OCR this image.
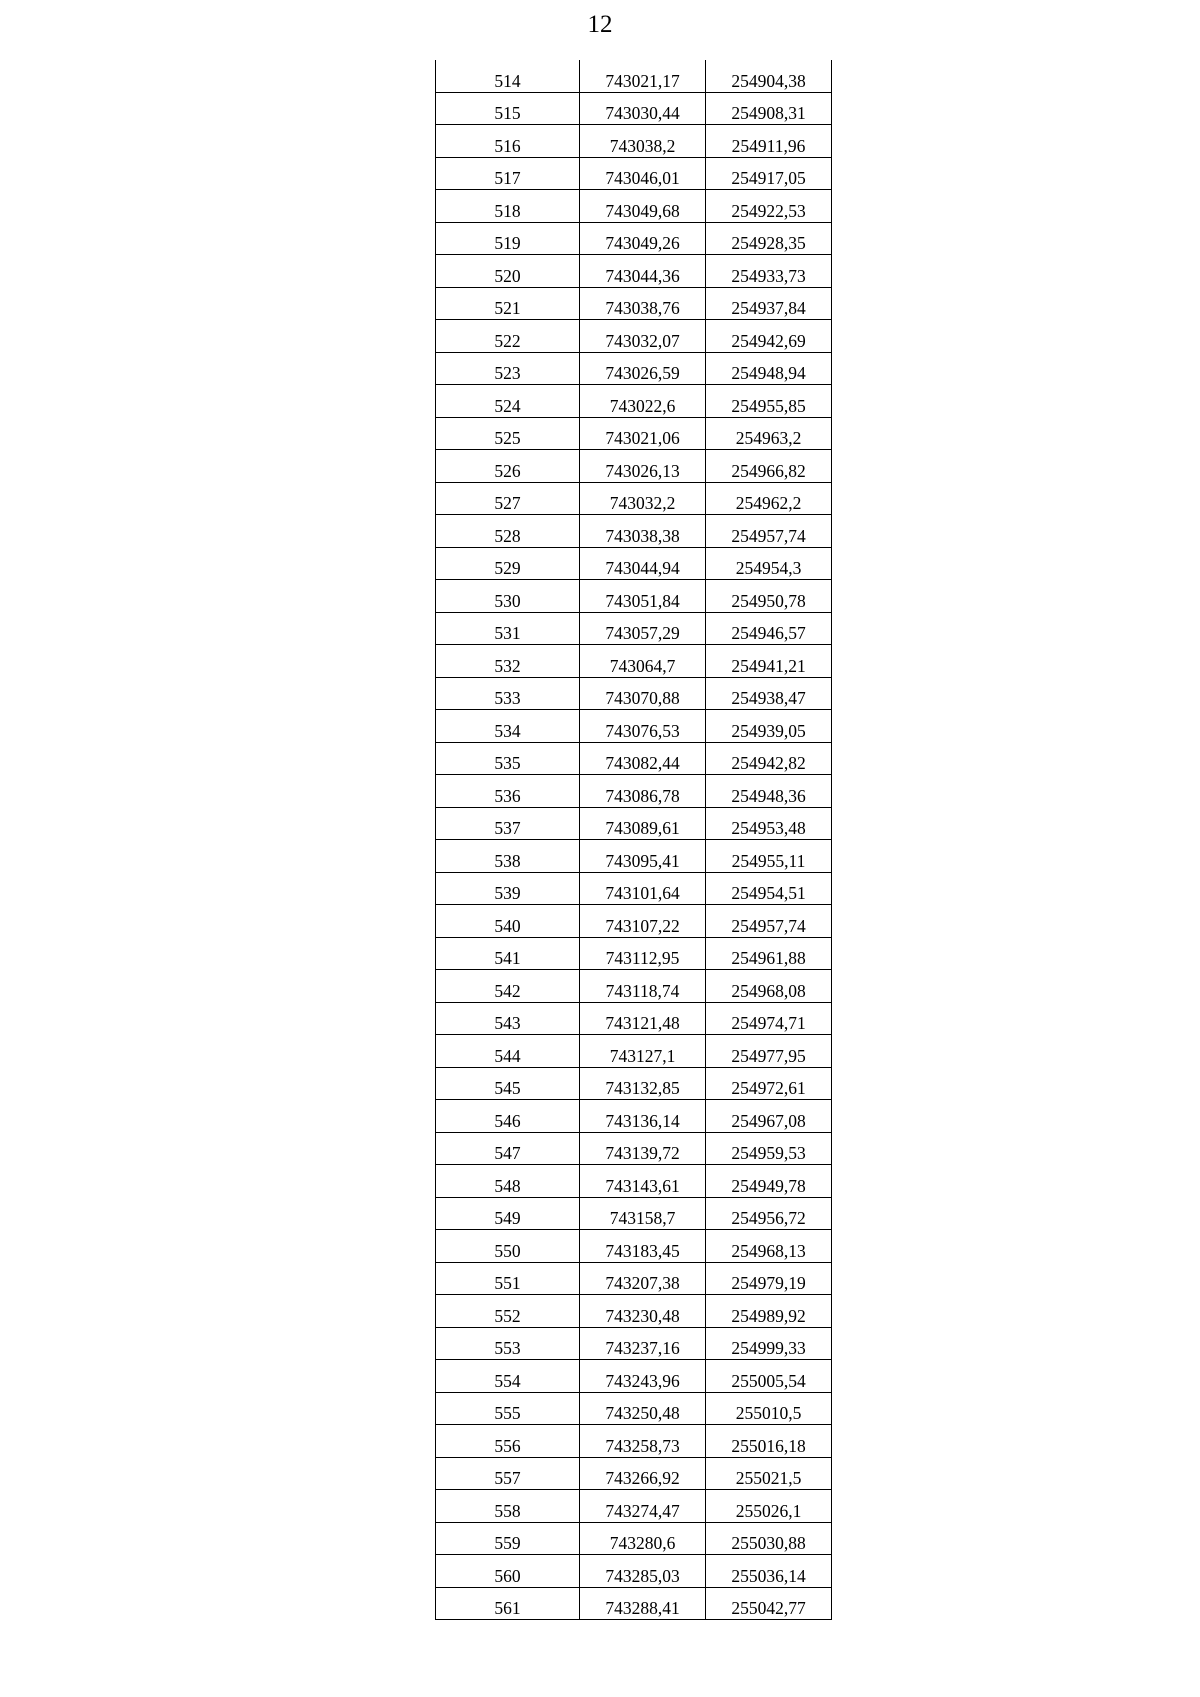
12
514	743021,17	254904,38
515	743030,44	254908,31
516	743038,2	254911,96
517	743046,01	254917,05
518	743049,68	254922,53
519	743049,26	254928,35
520	743044,36	254933,73
521	743038,76	254937,84
522	743032,07	254942,69
523	743026,59	254948,94
524	743022,6	254955,85
525	743021,06	254963,2
526	743026,13	254966,82
527	743032,2	254962,2
528	743038,38	254957,74
529	743044,94	254954,3
530	743051,84	254950,78
531	743057,29	254946,57
532	743064,7	254941,21
533	743070,88	254938,47
534	743076,53	254939,05
535	743082,44	254942,82
536	743086,78	254948,36
537	743089,61	254953,48
538	743095,41	254955,11
539	743101,64	254954,51
540	743107,22	254957,74
541	743112,95	254961,88
542	743118,74	254968,08
543	743121,48	254974,71
544	743127,1	254977,95
545	743132,85	254972,61
546	743136,14	254967,08
547	743139,72	254959,53
548	743143,61	254949,78
549	743158,7	254956,72
550	743183,45	254968,13
551	743207,38	254979,19
552	743230,48	254989,92
553	743237,16	254999,33
554	743243,96	255005,54
555	743250,48	255010,5
556	743258,73	255016,18
557	743266,92	255021,5
558	743274,47	255026,1
559	743280,6	255030,88
560	743285,03	255036,14
561	743288,41	255042,77
